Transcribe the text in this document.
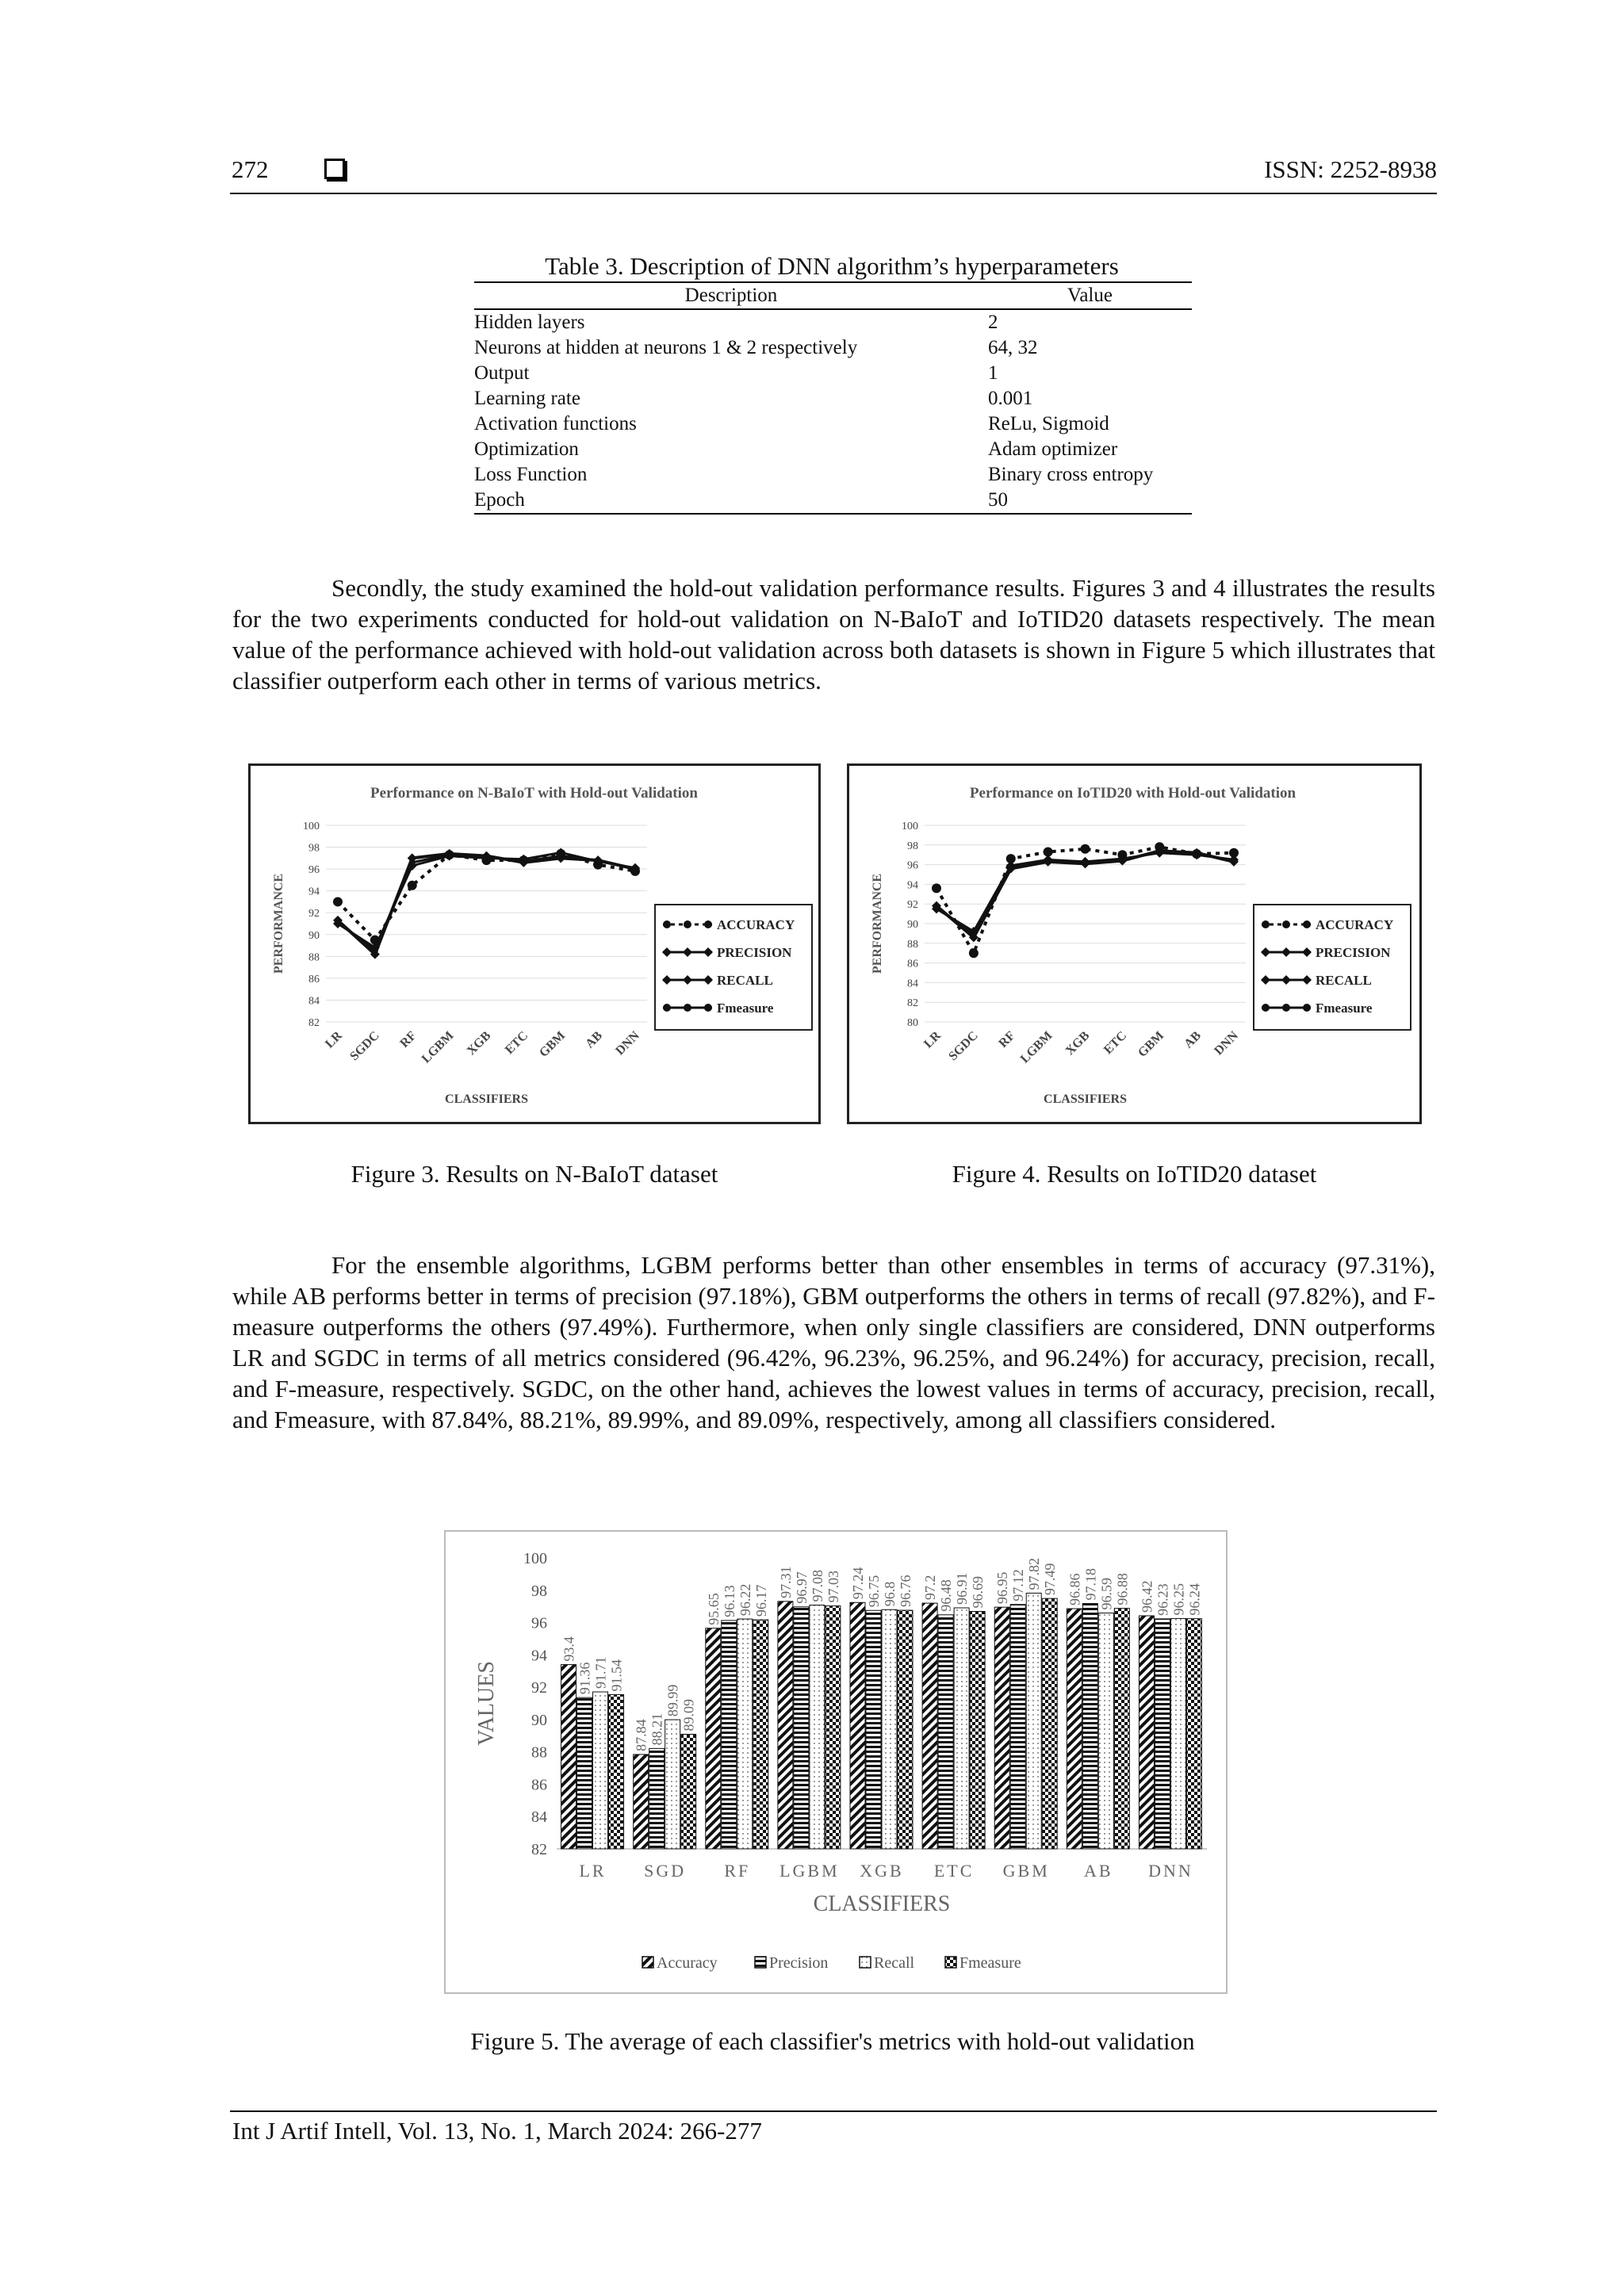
272	ISSN: 2252-8938
Table 3. Description of DNN algorithm’s hyperparameters
Description	Value
Hidden layers	2
Neurons at hidden at neurons 1 & 2 respectively	64, 32
Output	1
Learning rate	0.001
Activation functions	ReLu, Sigmoid
Optimization	Adam optimizer
Loss Function	Binary cross entropy
Epoch	50
Secondly, the study examined the hold-out validation performance results. Figures 3 and 4 illustrates the results for the two experiments conducted for hold-out validation on N-BaIoT and IoTID20 datasets respectively. The mean value of the performance achieved with hold-out validation across both datasets is shown in Figure 5 which illustrates that classifier outperform each other in terms of various metrics.
Performance on N-BaIoT with Hold-out Validation
100
98
96
94
92
90
88
86
84
82
PERFORMANCE
LR SGDC RF LGBM XGB ETC GBM AB DNN
CLASSIFIERS
ACCURACY
PRECISION
RECALL
Fmeasure
Figure 3. Results on N-BaIoT dataset
Performance on IoTID20 with Hold-out Validation
100
98
96
94
92
90
88
86
84
82
80
PERFORMANCE
LR SGDC RF LGBM XGB ETC GBM AB DNN
CLASSIFIERS
ACCURACY
PRECISION
RECALL
Fmeasure
Figure 4. Results on IoTID20 dataset
For the ensemble algorithms, LGBM performs better than other ensembles in terms of accuracy (97.31%), while AB performs better in terms of precision (97.18%), GBM outperforms the others in terms of recall (97.82%), and F-measure outperforms the others (97.49%). Furthermore, when only single classifiers are considered, DNN outperforms LR and SGDC in terms of all metrics considered (96.42%, 96.23%, 96.25%, and 96.24%) for accuracy, precision, recall, and F-measure, respectively. SGDC, on the other hand, achieves the lowest values in terms of accuracy, precision, recall, and Fmeasure, with 87.84%, 88.21%, 89.99%, and 89.09%, respectively, among all classifiers considered.
100
98
96
94
92
90
88
86
84
82
VALUES
93.4
91.36 91.71 91.54
LR
87.84 88.21
89.99 89.09
SGD
95.65 96.13 96.22 96.17
RF
97.31 96.97 97.08 97.03
LGBM
97.24 96.75 96.8 96.76
XGB
97.2 96.48 96.91 96.69
ETC
96.95 97.12 97.82 97.49
GBM
96.86 97.18 96.59 96.88
AB
96.42 96.23 96.25 96.24
DNN
CLASSIFIERS
Accuracy	Precision	Recall	Fmeasure
Figure 5. The average of each classifier's metrics with hold-out validation
Int J Artif Intell, Vol. 13, No. 1, March 2024: 266-277
